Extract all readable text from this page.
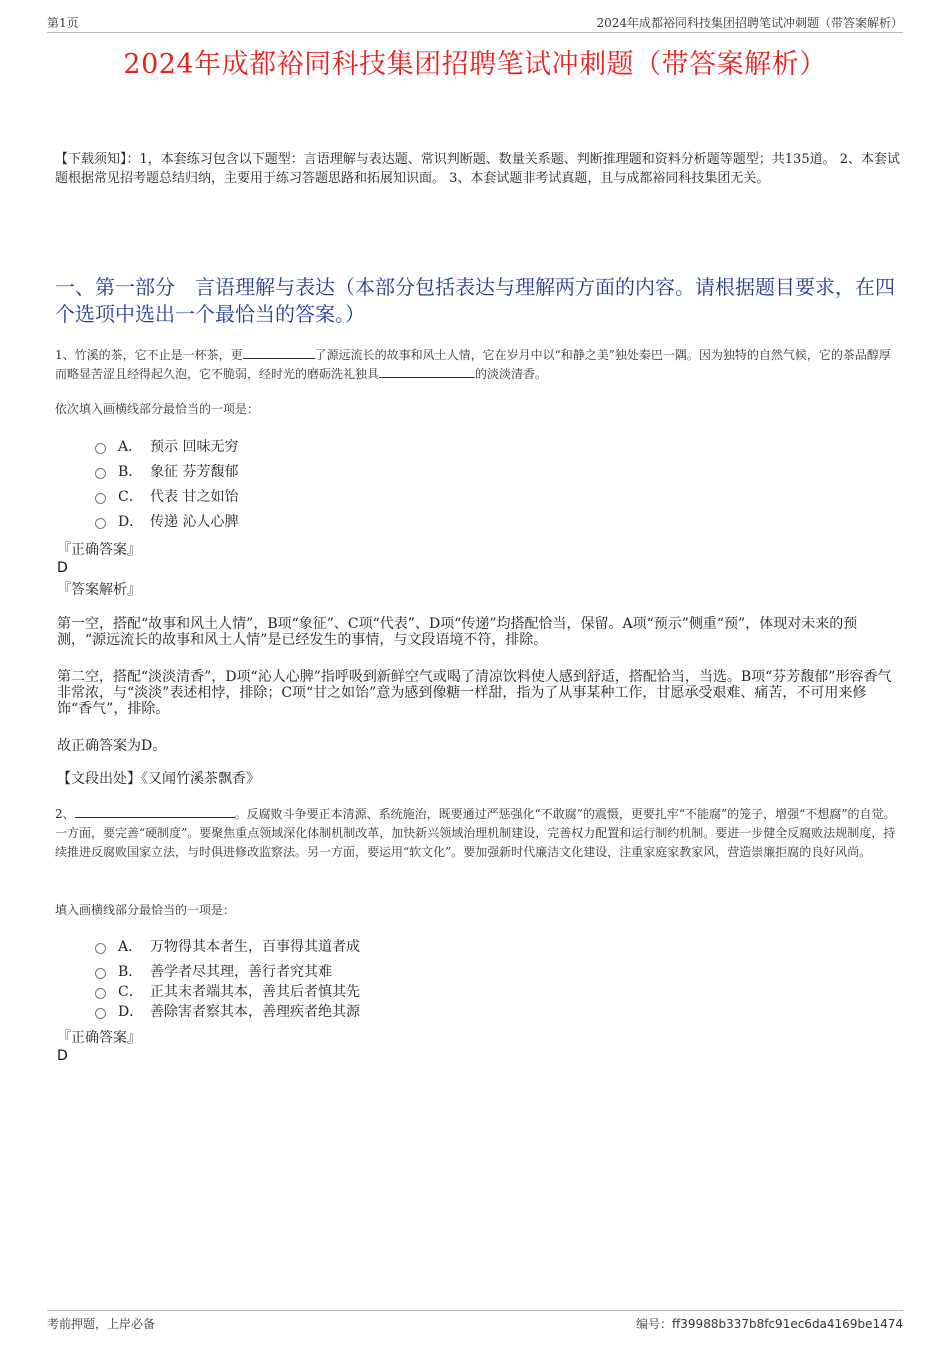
第1页	2024年成都裕同科技集团招聘笔试冲刺题（带答案解析）
2024年成都裕同科技集团招聘笔试冲刺题（带答案解析）
【下载须知】：1，本套练习包含以下题型：言语理解与表达题、常识判断题、数量关系题、判断推理题和资料分析题等题型；共135道。 2、本套试题根据常见招考题总结归纳，主要用于练习答题思路和拓展知识面。 3、本套试题非考试真题，且与成都裕同科技集团无关。
一、第一部分　言语理解与表达（本部分包括表达与理解两方面的内容。请根据题目要求，在四个选项中选出一个最恰当的答案。）
1、竹溪的茶，它不止是一杯茶，更	了源远流长的故事和风土人情，它在岁月中以“和静之美”独处秦巴一隅。因为独特的自然气候，它的茶品醇厚而略显苦涩且经得起久泡，它不脆弱，经时光的磨砺洗礼独具	的淡淡清香。
依次填入画横线部分最恰当的一项是：
A． 预示 回味无穷
B． 象征 芬芳馥郁
C． 代表 甘之如饴
D． 传递 沁人心脾
『正确答案』
D
『答案解析』
第一空，搭配“故事和风土人情”，B项“象征”、C项“代表”、D项“传递”均搭配恰当，保留。A项“预示”侧重“预”，体现对未来的预测，“源远流长的故事和风土人情”是已经发生的事情，与文段语境不符，排除。
第二空，搭配“淡淡清香”，D项“沁人心脾”指呼吸到新鲜空气或喝了清凉饮料使人感到舒适，搭配恰当，当选。B项“芬芳馥郁”形容香气非常浓，与“淡淡”表述相悖，排除；C项“甘之如饴”意为感到像糖一样甜，指为了从事某种工作，甘愿承受艰难、痛苦，不可用来修饰“香气”，排除。
故正确答案为D。
【文段出处】《又闻竹溪茶飘香》
2、	。反腐败斗争要正本清源、系统施治，既要通过严惩强化“不敢腐”的震慑，更要扎牢“不能腐”的笼子，增强“不想腐”的自觉。一方面，要完善“硬制度”。要聚焦重点领域深化体制机制改革，加快新兴领域治理机制建设，完善权力配置和运行制约机制。要进一步健全反腐败法规制度，持续推进反腐败国家立法，与时俱进修改监察法。另一方面，要运用“软文化”。要加强新时代廉洁文化建设，注重家庭家教家风，营造崇廉拒腐的良好风尚。
填入画横线部分最恰当的一项是：
A． 万物得其本者生，百事得其道者成
B． 善学者尽其理，善行者究其难
C． 正其末者端其本，善其后者慎其先
D． 善除害者察其本，善理疾者绝其源
『正确答案』
D
考前押题，上岸必备	编号：ff39988b337b8fc91ec6da4169be1474
